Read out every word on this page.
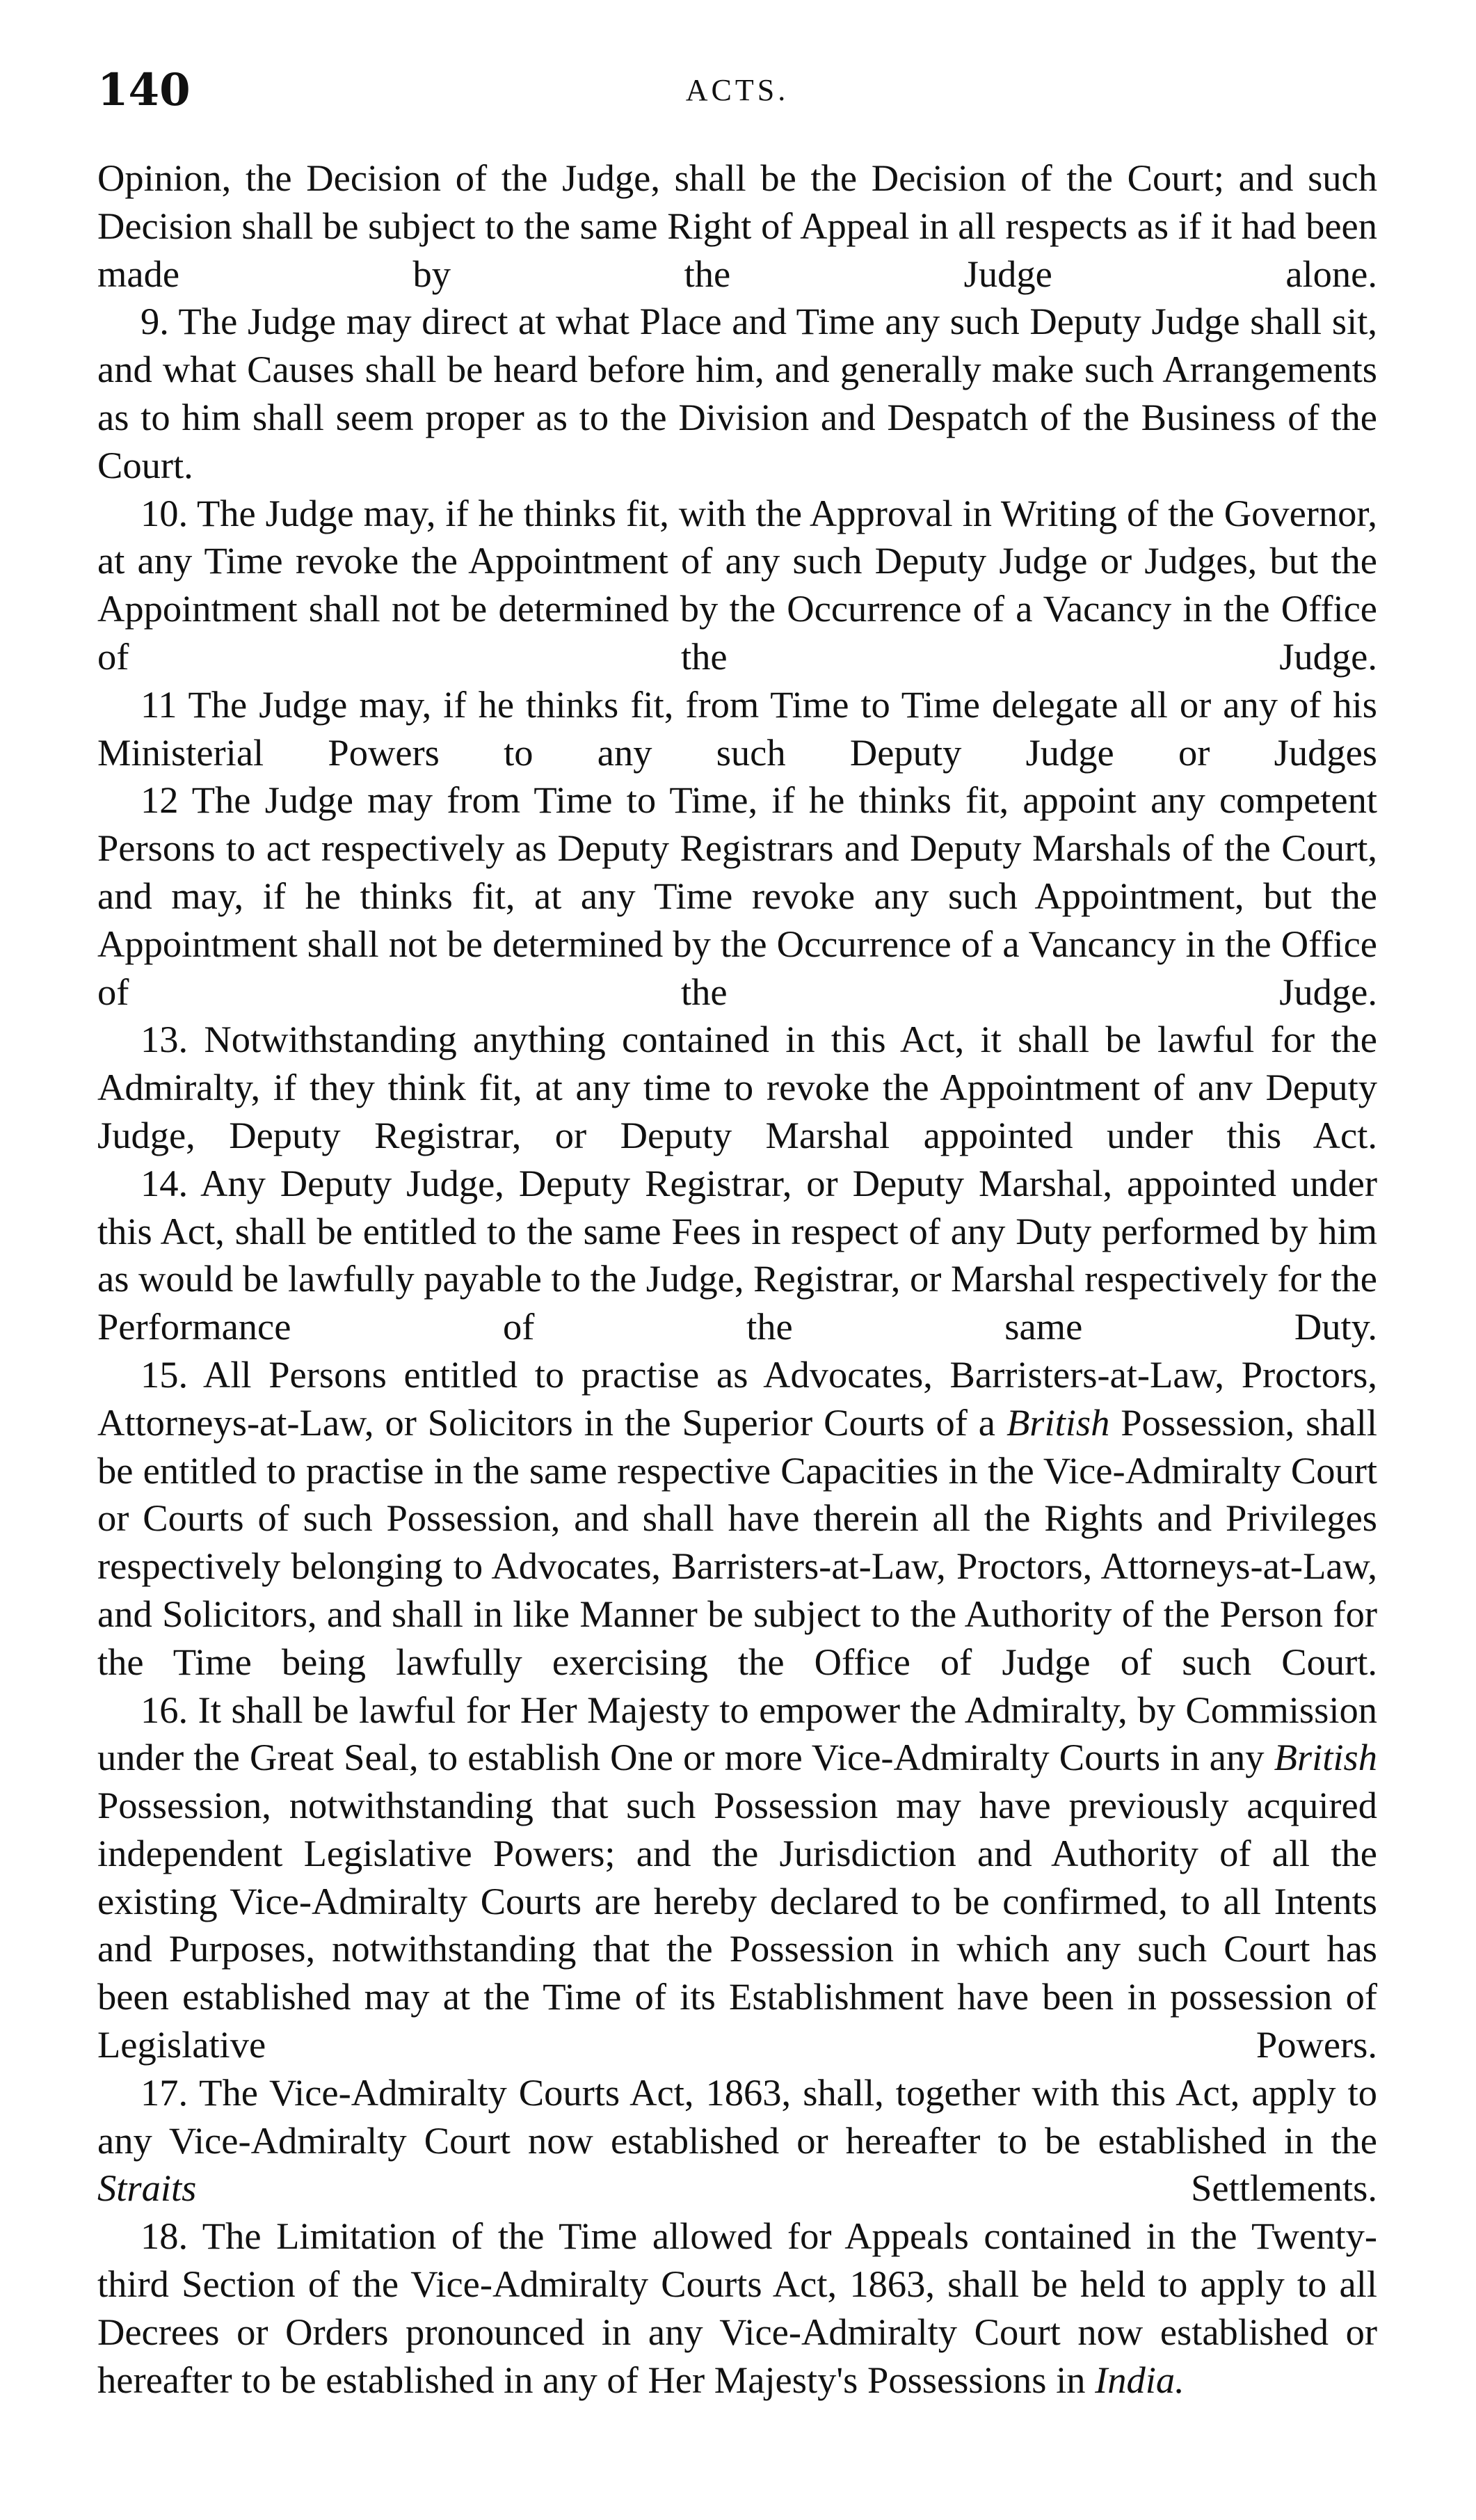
140	ACTS.

Opinion, the Decision of the Judge, shall be the Decision of the Court; and such Decision shall be subject to the same Right of Appeal in all respects as if it had been made by the Judge alone.

9. The Judge may direct at what Place and Time any such Deputy Judge shall sit, and what Causes shall be heard before him, and generally make such Arrangements as to him shall seem proper as to the Division and Despatch of the Business of the Court.

10. The Judge may, if he thinks fit, with the Approval in Writing of the Governor, at any Time revoke the Appointment of any such Deputy Judge or Judges, but the Appointment shall not be determined by the Occurrence of a Vacancy in the Office of the Judge.

11 The Judge may, if he thinks fit, from Time to Time delegate all or any of his Ministerial Powers to any such Deputy Judge or Judges

12 The Judge may from Time to Time, if he thinks fit, appoint any competent Persons to act respectively as Deputy Registrars and Deputy Marshals of the Court, and may, if he thinks fit, at any Time revoke any such Appointment, but the Appointment shall not be determined by the Occurrence of a Vancancy in the Office of the Judge.

13. Notwithstanding anything contained in this Act, it shall be lawful for the Admiralty, if they think fit, at any time to revoke the Appointment of anv Deputy Judge, Deputy Registrar, or Deputy Marshal appointed under this Act.

14. Any Deputy Judge, Deputy Registrar, or Deputy Marshal, appointed under this Act, shall be entitled to the same Fees in respect of any Duty performed by him as would be lawfully payable to the Judge, Registrar, or Marshal respectively for the Performance of the same Duty.

15. All Persons entitled to practise as Advocates, Barristers-at-Law, Proctors, Attorneys-at-Law, or Solicitors in the Superior Courts of a British Possession, shall be entitled to practise in the same respective Capacities in the Vice-Admiralty Court or Courts of such Possession, and shall have therein all the Rights and Privileges respectively belonging to Advocates, Barristers-at-Law, Proctors, Attorneys-at-Law, and Solicitors, and shall in like Manner be subject to the Authority of the Person for the Time being lawfully exercising the Office of Judge of such Court.

16. It shall be lawful for Her Majesty to empower the Admiralty, by Commission under the Great Seal, to establish One or more Vice-Admiralty Courts in any British Possession, notwithstanding that such Possession may have previously acquired independent Legislative Powers; and the Jurisdiction and Authority of all the existing Vice-Admiralty Courts are hereby declared to be confirmed, to all Intents and Purposes, notwithstanding that the Possession in which any such Court has been established may at the Time of its Establishment have been in possession of Legislative Powers.

17. The Vice-Admiralty Courts Act, 1863, shall, together with this Act, apply to any Vice-Admiralty Court now established or hereafter to be established in the Straits Settlements.

18. The Limitation of the Time allowed for Appeals contained in the Twenty-third Section of the Vice-Admiralty Courts Act, 1863, shall be held to apply to all Decrees or Orders pronounced in any Vice-Admiralty Court now established or hereafter to be established in any of Her Majesty's Possessions in India.
